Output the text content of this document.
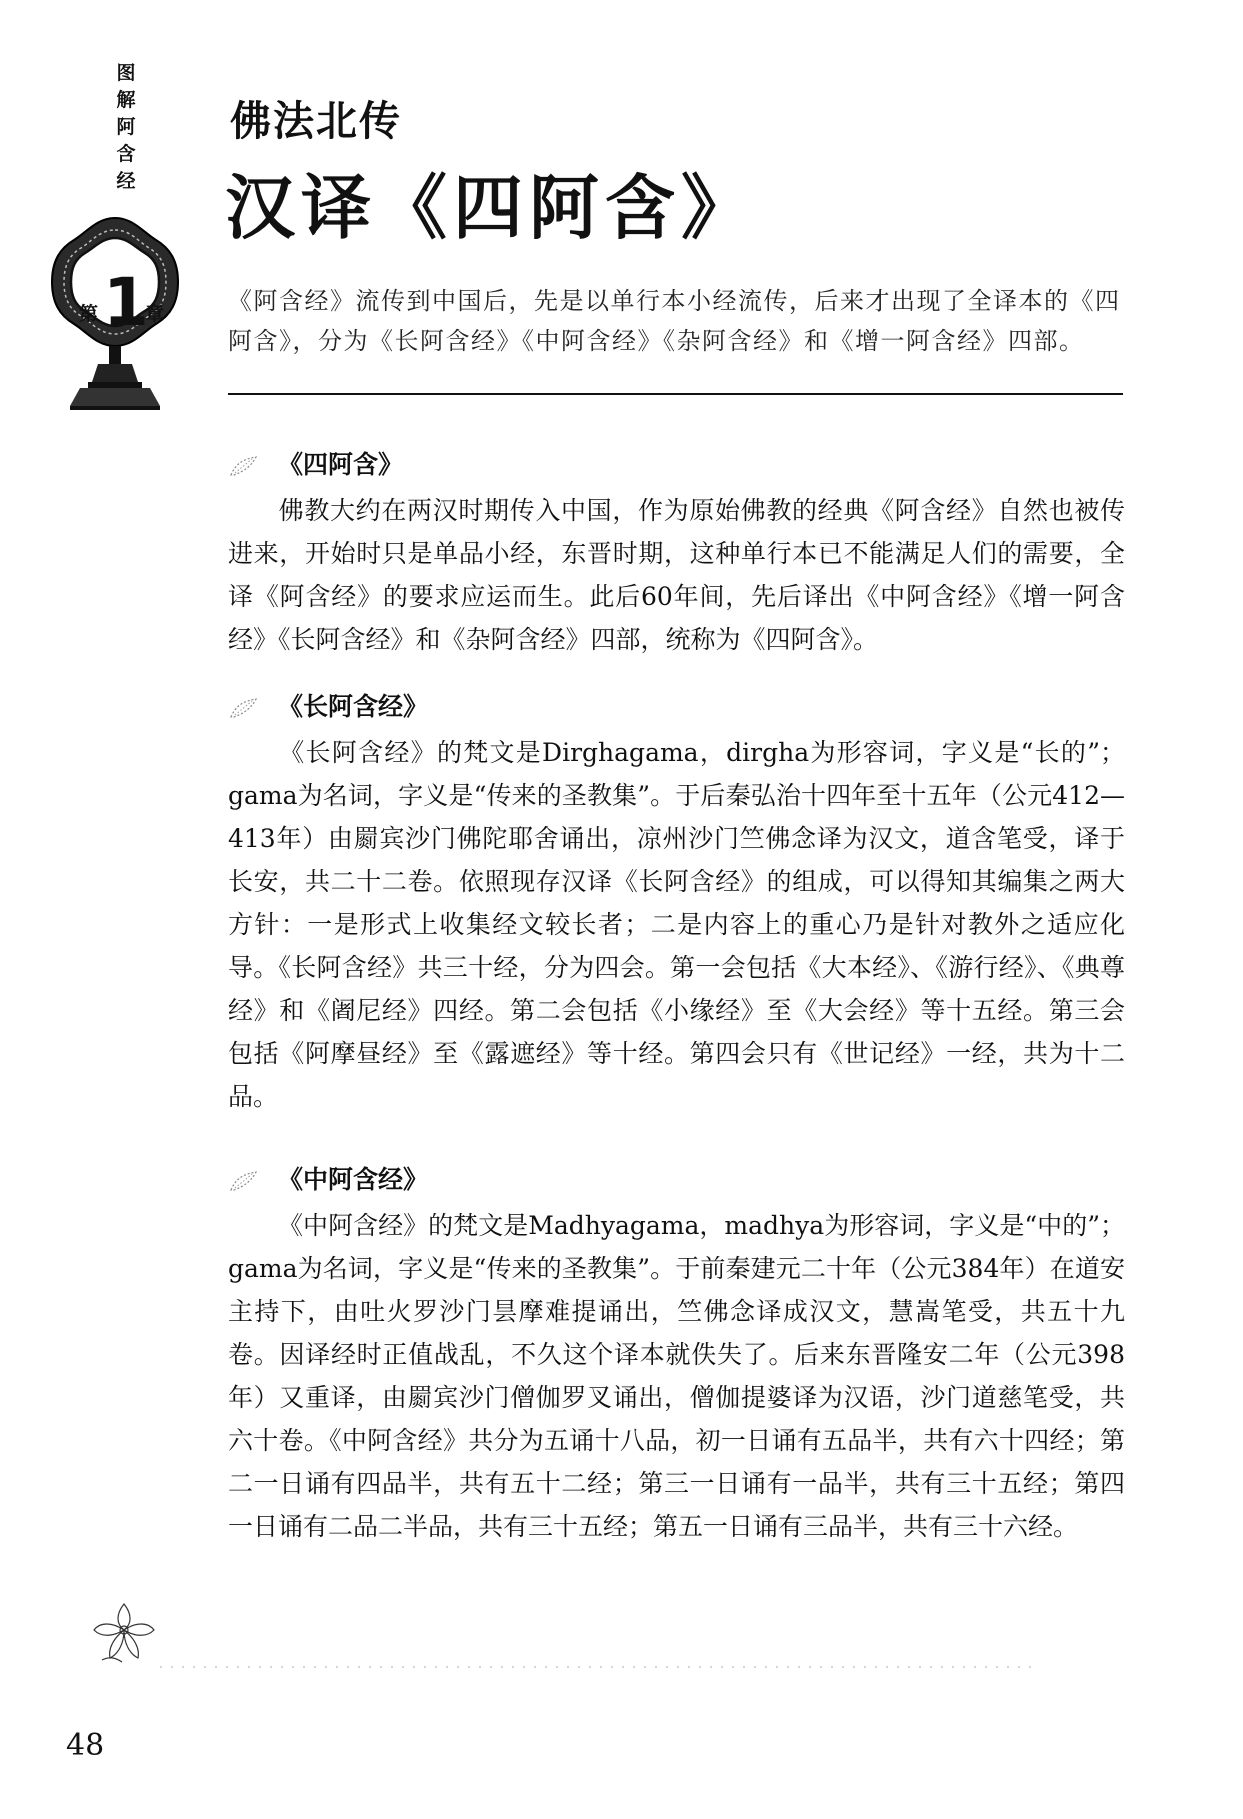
图
解
阿
含
经
第 1
章
佛法北传
汉译《四阿含》
《阿含经》流传到中国后，先是以单行本小经流传，后来才出现了全译本的《四阿含》，分为《长阿含经》《中阿含经》《杂阿含经》和《增一阿含经》四部。
《四阿含》

佛教大约在两汉时期传入中国，作为原始佛教的经典《阿含经》自然也被传进来，开始时只是单品小经，东晋时期，这种单行本已不能满足人们的需要，全译《阿含经》的要求应运而生。此后60年间，先后译出《中阿含经》《增一阿含经》《长阿含经》和《杂阿含经》四部，统称为《四阿含》。

《长阿含经》

《长阿含经》的梵文是Dirghagama，dirgha为形容词，字义是“长的”；gama为名词，字义是“传来的圣教集”。于后秦弘治十四年至十五年（公元412—413年）由罽宾沙门佛陀耶舍诵出，凉州沙门竺佛念译为汉文，道含笔受，译于长安，共二十二卷。依照现存汉译《长阿含经》的组成，可以得知其编集之两大方针：一是形式上收集经文较长者；二是内容上的重心乃是针对教外之适应化导。《长阿含经》共三十经，分为四会。第一会包括《大本经》、《游行经》、《典尊经》和《阇尼经》四经。第二会包括《小缘经》至《大会经》等十五经。第三会包括《阿摩昼经》至《露遮经》等十经。第四会只有《世记经》一经，共为十二品。

《中阿含经》

《中阿含经》的梵文是Madhyagama，madhya为形容词，字义是“中的”；gama为名词，字义是“传来的圣教集”。于前秦建元二十年（公元384年）在道安主持下，由吐火罗沙门昙摩难提诵出，竺佛念译成汉文，慧嵩笔受，共五十九卷。因译经时正值战乱，不久这个译本就佚失了。后来东晋隆安二年（公元398年）又重译，由罽宾沙门僧伽罗叉诵出，僧伽提婆译为汉语，沙门道慈笔受，共六十卷。《中阿含经》共分为五诵十八品，初一日诵有五品半，共有六十四经；第二一日诵有四品半，共有五十二经；第三一日诵有一品半，共有三十五经；第四一日诵有二品二半品，共有三十五经；第五一日诵有三品半，共有三十六经。

48
